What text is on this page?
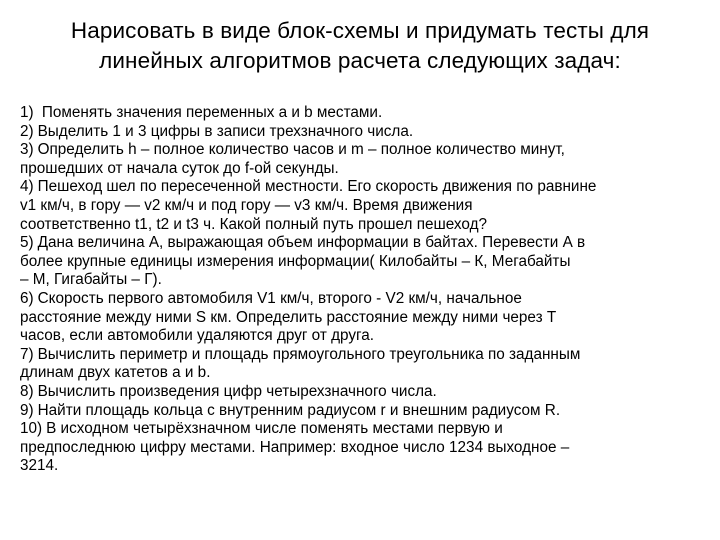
Нарисовать в виде блок-схемы и придумать тесты для
линейных алгоритмов расчета следующих задач:
1) Поменять значения переменных a и b местами.
2) Выделить 1 и 3 цифры в записи трехзначного числа.
3) Определить h – полное количество часов и m – полное количество минут,
прошедших от начала суток до f-ой секунды.
4) Пешеход шел по пересеченной местности. Его скорость движения по равнине
v1 км/ч, в гору — v2 км/ч и под гору — v3 км/ч. Время движения
соответственно t1, t2 и t3 ч. Какой полный путь прошел пешеход?
5) Дана величина А, выражающая объем информации в байтах. Перевести А в
более крупные единицы измерения информации( Килобайты – К, Мегабайты
– М, Гигабайты – Г).
6) Скорость первого автомобиля V1 км/ч, второго - V2 км/ч, начальное
расстояние между ними S км. Определить расстояние между ними через T
часов, если автомобили удаляются друг от друга.
7) Вычислить периметр и площадь прямоугольного треугольника по заданным
длинам двух катетов а и b.
8) Вычислить произведения цифр четырехзначного числа.
9) Найти площадь кольца с внутренним радиусом r и внешним радиусом R.
10) В исходном четырёхзначном числе поменять местами первую и
предпоследнюю цифру местами. Например: входное число 1234 выходное –
3214.
